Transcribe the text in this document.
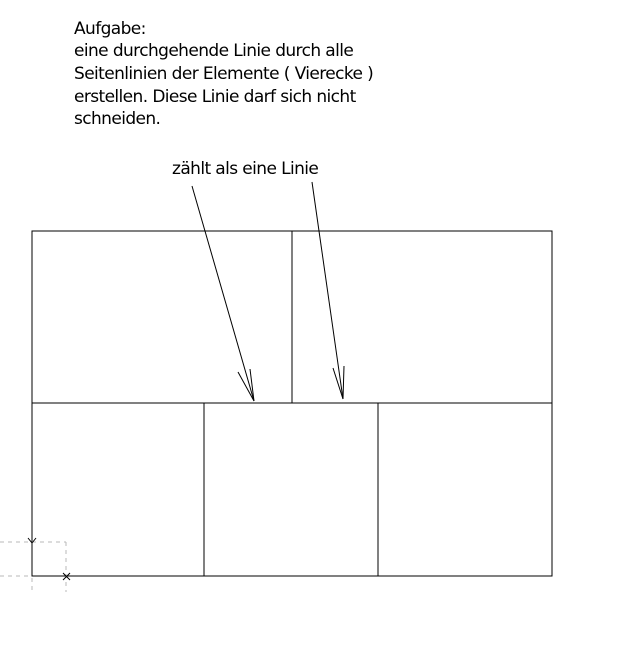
Aufgabe:
eine durchgehende Linie durch alle
Seitenlinien der Elemente ( Vierecke )
erstellen. Diese Linie darf sich nicht
schneiden.
zählt als eine Linie
